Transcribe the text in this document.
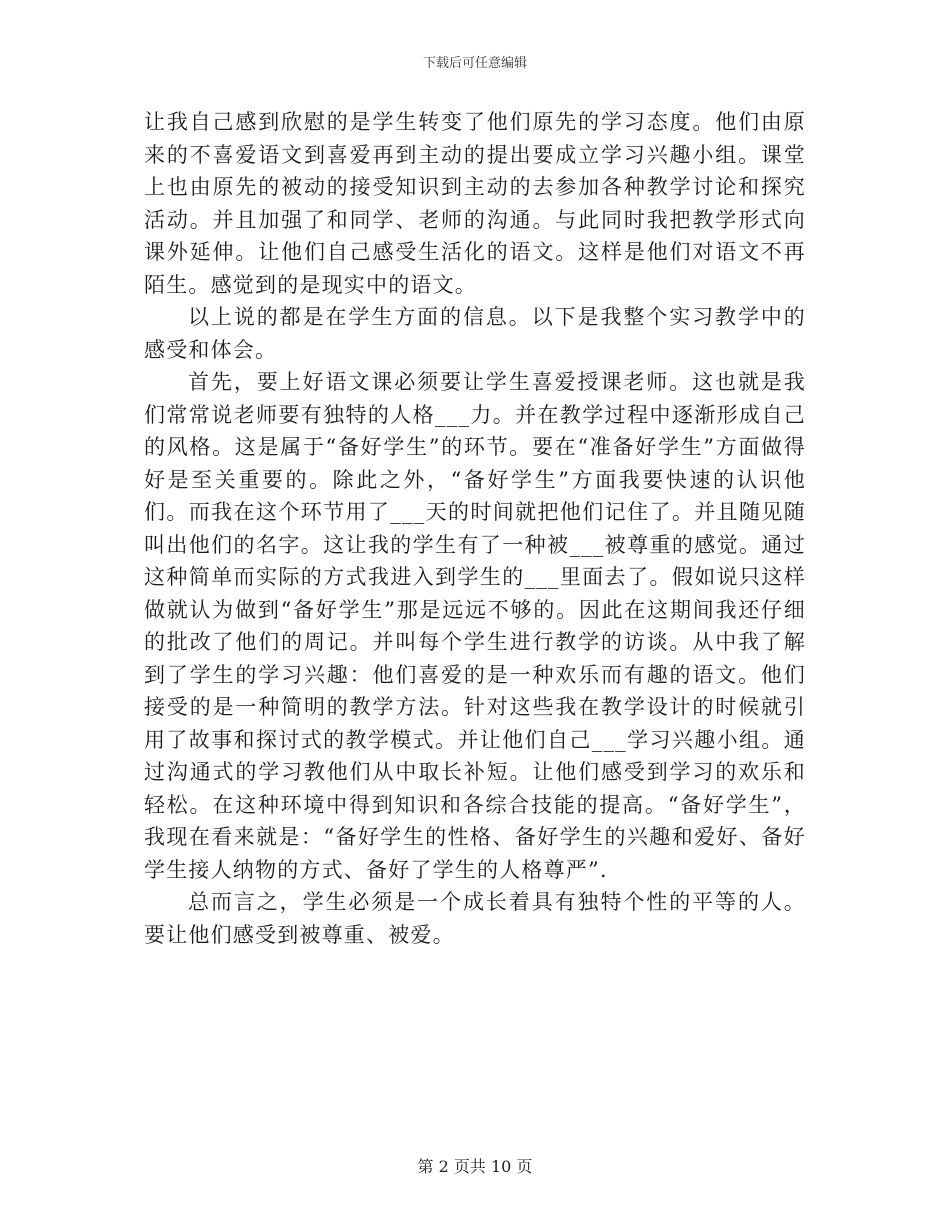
下载后可任意编辑

让我自己感到欣慰的是学生转变了他们原先的学习态度。他们由原来的不喜爱语文到喜爱再到主动的提出要成立学习兴趣小组。课堂上也由原先的被动的接受知识到主动的去参加各种教学讨论和探究活动。并且加强了和同学、老师的沟通。与此同时我把教学形式向课外延伸。让他们自己感受生活化的语文。这样是他们对语文不再陌生。感觉到的是现实中的语文。

以上说的都是在学生方面的信息。以下是我整个实习教学中的感受和体会。

首先，要上好语文课必须要让学生喜爱授课老师。这也就是我们常常说老师要有独特的人格___力。并在教学过程中逐渐形成自己的风格。这是属于“备好学生”的环节。要在“准备好学生”方面做得好是至关重要的。除此之外，“备好学生”方面我要快速的认识他们。而我在这个环节用了___天的时间就把他们记住了。并且随见随叫出他们的名字。这让我的学生有了一种被___被尊重的感觉。通过这种简单而实际的方式我进入到学生的___里面去了。假如说只这样做就认为做到“备好学生”那是远远不够的。因此在这期间我还仔细的批改了他们的周记。并叫每个学生进行教学的访谈。从中我了解到了学生的学习兴趣：他们喜爱的是一种欢乐而有趣的语文。他们接受的是一种简明的教学方法。针对这些我在教学设计的时候就引用了故事和探讨式的教学模式。并让他们自己___学习兴趣小组。通过沟通式的学习教他们从中取长补短。让他们感受到学习的欢乐和轻松。在这种环境中得到知识和各综合技能的提高。“备好学生”，我现在看来就是：“备好学生的性格、备好学生的兴趣和爱好、备好学生接人纳物的方式、备好了学生的人格尊严”.

总而言之，学生必须是一个成长着具有独特个性的平等的人。要让他们感受到被尊重、被爱。

第 2 页共 10 页
